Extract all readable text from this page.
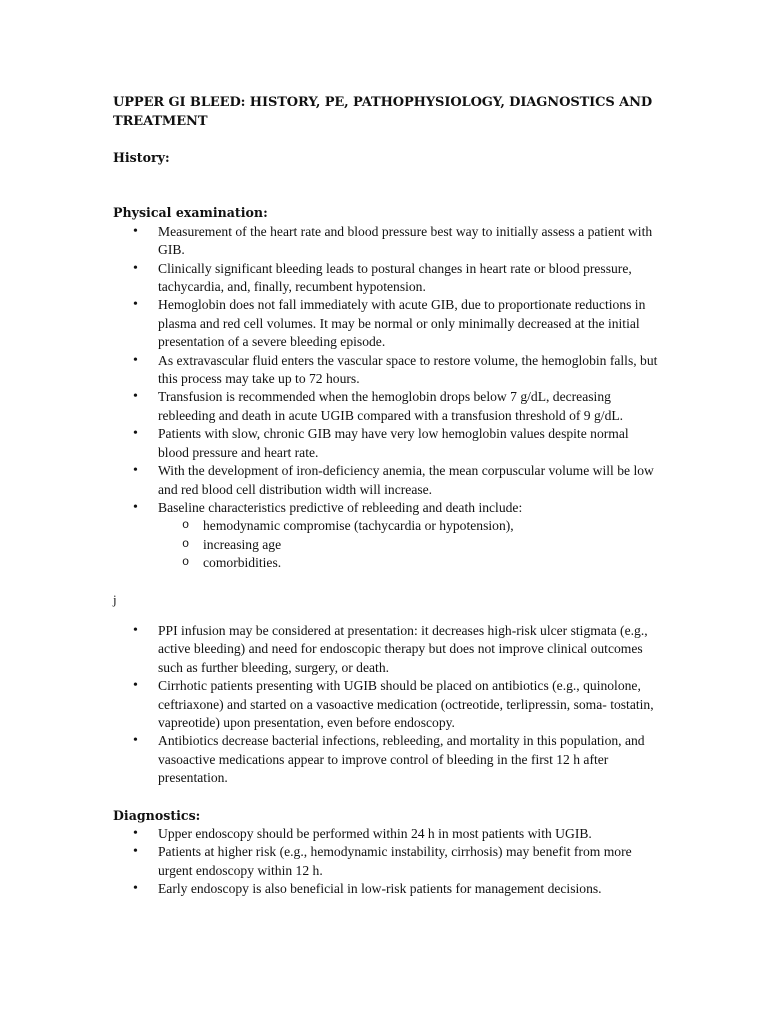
UPPER GI BLEED: HISTORY, PE, PATHOPHYSIOLOGY, DIAGNOSTICS AND TREATMENT

History:

Physical examination:

• Measurement of the heart rate and blood pressure best way to initially assess a patient with GIB.
• Clinically significant bleeding leads to postural changes in heart rate or blood pressure, tachycardia, and, finally, recumbent hypotension.
• Hemoglobin does not fall immediately with acute GIB, due to proportionate reductions in plasma and red cell volumes. It may be normal or only minimally decreased at the initial presentation of a severe bleeding episode.
• As extravascular fluid enters the vascular space to restore volume, the hemoglobin falls, but this process may take up to 72 hours.
• Transfusion is recommended when the hemoglobin drops below 7 g/dL, decreasing rebleeding and death in acute UGIB compared with a transfusion threshold of 9 g/dL.
• Patients with slow, chronic GIB may have very low hemoglobin values despite normal blood pressure and heart rate.
• With the development of iron-deficiency anemia, the mean corpuscular volume will be low and red blood cell distribution width will increase.
• Baseline characteristics predictive of rebleeding and death include:
o hemodynamic compromise (tachycardia or hypotension),
o increasing age
o comorbidities.

j

• PPI infusion may be considered at presentation: it decreases high-risk ulcer stigmata (e.g., active bleeding) and need for endoscopic therapy but does not improve clinical outcomes such as further bleeding, surgery, or death.
• Cirrhotic patients presenting with UGIB should be placed on antibiotics (e.g., quinolone, ceftriaxone) and started on a vasoactive medication (octreotide, terlipressin, soma- tostatin, vapreotide) upon presentation, even before endoscopy.
• Antibiotics decrease bacterial infections, rebleeding, and mortality in this population, and vasoactive medications appear to improve control of bleeding in the first 12 h after presentation.

Diagnostics:

• Upper endoscopy should be performed within 24 h in most patients with UGIB.
• Patients at higher risk (e.g., hemodynamic instability, cirrhosis) may benefit from more urgent endoscopy within 12 h.
• Early endoscopy is also beneficial in low-risk patients for management decisions.
